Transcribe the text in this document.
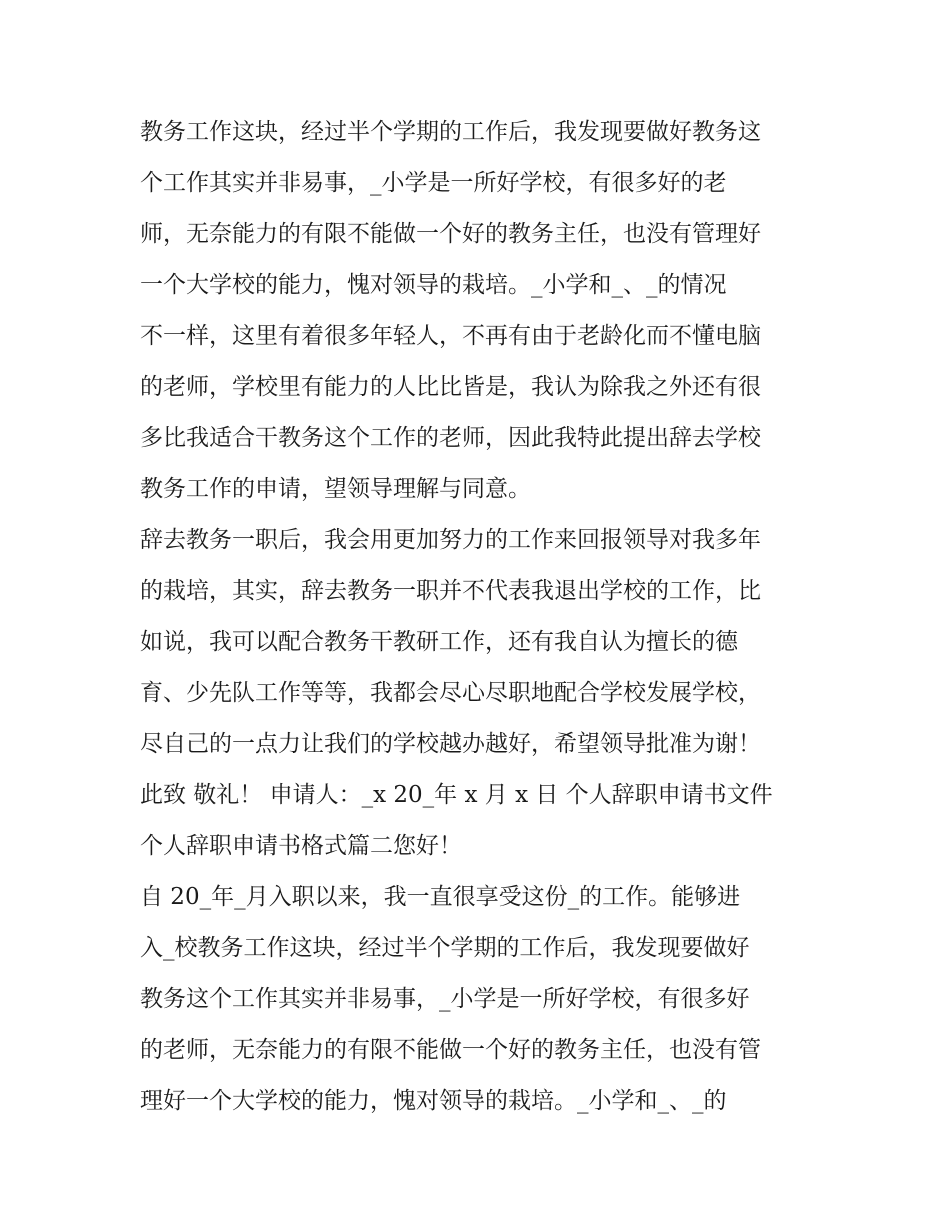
教务工作这块，经过半个学期的工作后，我发现要做好教务这
个工作其实并非易事，_小学是一所好学校，有很多好的老
师，无奈能力的有限不能做一个好的教务主任，也没有管理好
一个大学校的能力，愧对领导的栽培。_小学和_、_的情况
不一样，这里有着很多年轻人，不再有由于老龄化而不懂电脑
的老师，学校里有能力的人比比皆是，我认为除我之外还有很
多比我适合干教务这个工作的老师，因此我特此提出辞去学校
教务工作的申请，望领导理解与同意。
辞去教务一职后，我会用更加努力的工作来回报领导对我多年
的栽培，其实，辞去教务一职并不代表我退出学校的工作，比
如说，我可以配合教务干教研工作，还有我自认为擅长的德
育、少先队工作等等，我都会尽心尽职地配合学校发展学校，
尽自己的一点力让我们的学校越办越好，希望领导批准为谢！
此致 敬礼！ 申请人：_x 20_年 x 月 x 日 个人辞职申请书文件
个人辞职申请书格式篇二您好！
自 20_年_月入职以来，我一直很享受这份_的工作。能够进
入_校教务工作这块，经过半个学期的工作后，我发现要做好
教务这个工作其实并非易事，_小学是一所好学校，有很多好
的老师，无奈能力的有限不能做一个好的教务主任，也没有管
理好一个大学校的能力，愧对领导的栽培。_小学和_、_的
